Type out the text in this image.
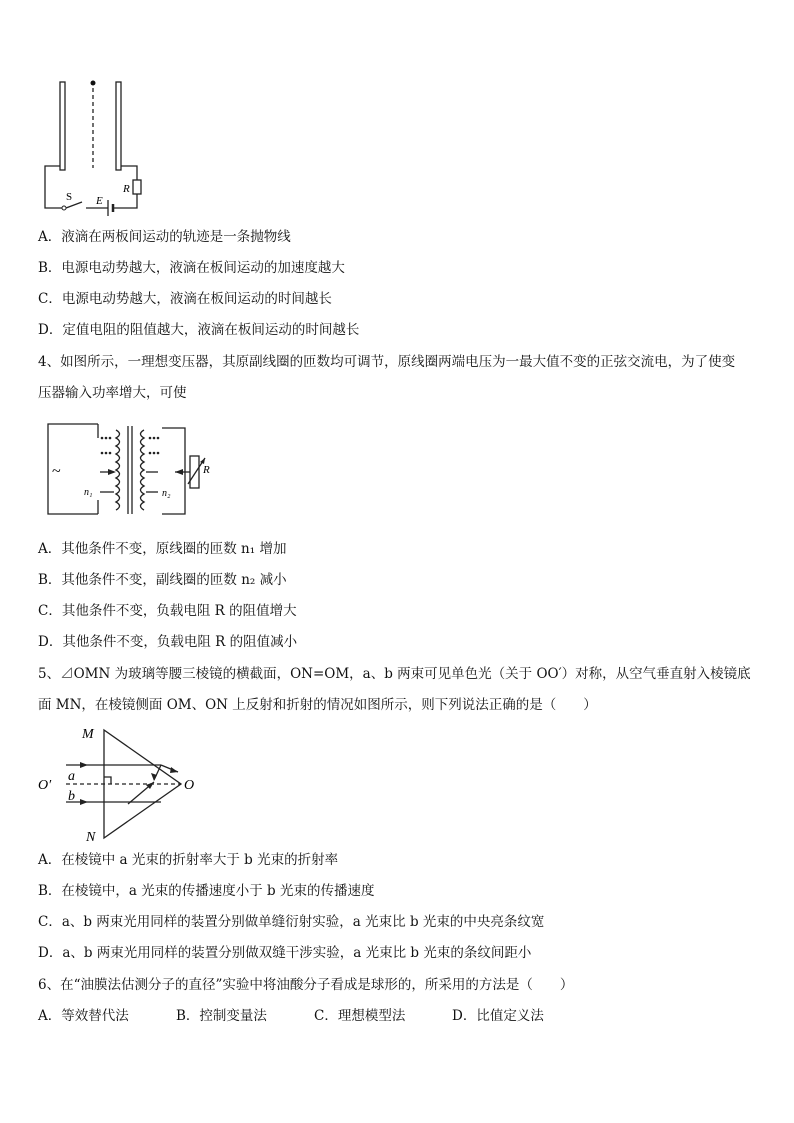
S E
R
A．液滴在两板间运动的轨迹是一条抛物线
B．电源电动势越大，液滴在板间运动的加速度越大
C．电源电动势越大，液滴在板间运动的时间越长
D．定值电阻的阻值越大，液滴在板间运动的时间越长
4、如图所示，一理想变压器，其原副线圈的匝数均可调节，原线圈两端电压为一最大值不变的正弦交流电，为了使变
压器输入功率增大，可使
~
n₁	n₂
R
A．其他条件不变，原线圈的匝数 n₁ 增加
B．其他条件不变，副线圈的匝数 n₂ 减小
C．其他条件不变，负载电阻 R 的阻值增大
D．其他条件不变，负载电阻 R 的阻值减小
5、⊿OMN 为玻璃等腰三棱镜的横截面，ON=OM，a、b 两束可见单色光（关于 OO′）对称，从空气垂直射入棱镜底
面 MN，在棱镜侧面 OM、ON 上反射和折射的情况如图所示，则下列说法正确的是（　　）
M
N
O
O′
a
b
A．在棱镜中 a 光束的折射率大于 b 光束的折射率
B．在棱镜中，a 光束的传播速度小于 b 光束的传播速度
C．a、b 两束光用同样的装置分别做单缝衍射实验，a 光束比 b 光束的中央亮条纹宽
D．a、b 两束光用同样的装置分别做双缝干涉实验，a 光束比 b 光束的条纹间距小
6、在“油膜法估测分子的直径”实验中将油酸分子看成是球形的，所采用的方法是（　　）
A．等效替代法	B．控制变量法	C．理想模型法	D．比值定义法
